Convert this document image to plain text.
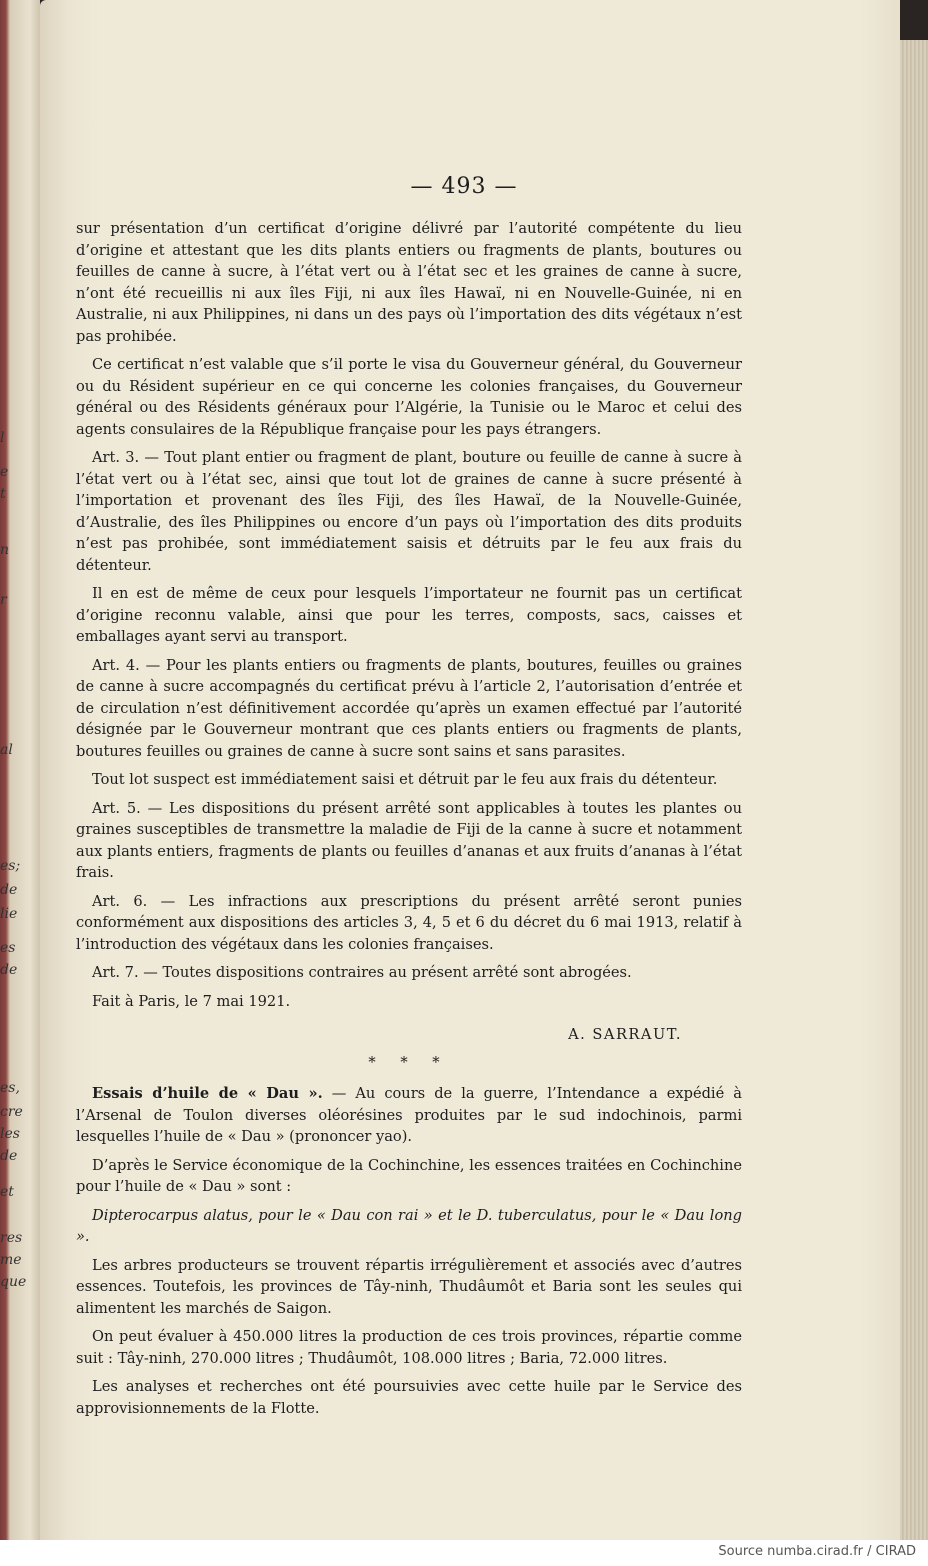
l
e
t
n
r
al
es;
de
lie
es
de
es,
cre
les
de
et
res
me
que
— 493 —

sur présentation d’un certificat d’origine délivré par l’autorité compétente du lieu d’origine et attestant que les dits plants entiers ou fragments de plants, boutures ou feuilles de canne à sucre, à l’état vert ou à l’état sec et les graines de canne à sucre, n’ont été recueillis ni aux îles Fiji, ni aux îles Hawaï, ni en Nouvelle-Guinée, ni en Australie, ni aux Philippines, ni dans un des pays où l’importation des dits végétaux n’est pas prohibée.

Ce certificat n’est valable que s’il porte le visa du Gouverneur général, du Gouverneur ou du Résident supérieur en ce qui concerne les colonies françaises, du Gouverneur général ou des Résidents généraux pour l’Algérie, la Tunisie ou le Maroc et celui des agents consulaires de la République française pour les pays étrangers.

Art. 3. — Tout plant entier ou fragment de plant, bouture ou feuille de canne à sucre à l’état vert ou à l’état sec, ainsi que tout lot de graines de canne à sucre présenté à l’importation et provenant des îles Fiji, des îles Hawaï, de la Nouvelle-Guinée, d’Australie, des îles Philippines ou encore d’un pays où l’importation des dits produits n’est pas prohibée, sont immédiatement saisis et détruits par le feu aux frais du détenteur.

Il en est de même de ceux pour lesquels l’importateur ne fournit pas un certificat d’origine reconnu valable, ainsi que pour les terres, composts, sacs, caisses et emballages ayant servi au transport.

Art. 4. — Pour les plants entiers ou fragments de plants, boutures, feuilles ou graines de canne à sucre accompagnés du certificat prévu à l’article 2, l’autorisation d’entrée et de circulation n’est définitivement accordée qu’après un examen effectué par l’autorité désignée par le Gouverneur montrant que ces plants entiers ou fragments de plants, boutures feuilles ou graines de canne à sucre sont sains et sans parasites.

Tout lot suspect est immédiatement saisi et détruit par le feu aux frais du détenteur.

Art. 5. — Les dispositions du présent arrêté sont applicables à toutes les plantes ou graines susceptibles de transmettre la maladie de Fiji de la canne à sucre et notamment aux plants entiers, fragments de plants ou feuilles d’ananas et aux fruits d’ananas à l’état frais.

Art. 6. — Les infractions aux prescriptions du présent arrêté seront punies conformément aux dispositions des articles 3, 4, 5 et 6 du décret du 6 mai 1913, relatif à l’introduction des végétaux dans les colonies françaises.

Art. 7. — Toutes dispositions contraires au présent arrêté sont abrogées.

Fait à Paris, le 7 mai 1921.

A. SARRAUT.

* * *

Essais d’huile de « Dau ». — Au cours de la guerre, l’Intendance a expédié à l’Arsenal de Toulon diverses oléorésines produites par le sud indochinois, parmi lesquelles l’huile de « Dau » (prononcer yao).

D’après le Service économique de la Cochinchine, les essences traitées en Cochinchine pour l’huile de « Dau » sont :

Dipterocarpus alatus, pour le « Dau con rai » et le D. tuberculatus, pour le « Dau long ».

Les arbres producteurs se trouvent répartis irrégulièrement et associés avec d’autres essences. Toutefois, les provinces de Tây-ninh, Thudâumôt et Baria sont les seules qui alimentent les marchés de Saigon.

On peut évaluer à 450.000 litres la production de ces trois provinces, répartie comme suit : Tây-ninh, 270.000 litres ; Thudâumôt, 108.000 litres ; Baria, 72.000 litres.

Les analyses et recherches ont été poursuivies avec cette huile par le Service des approvisionnements de la Flotte.

Source numba.cirad.fr / CIRAD
